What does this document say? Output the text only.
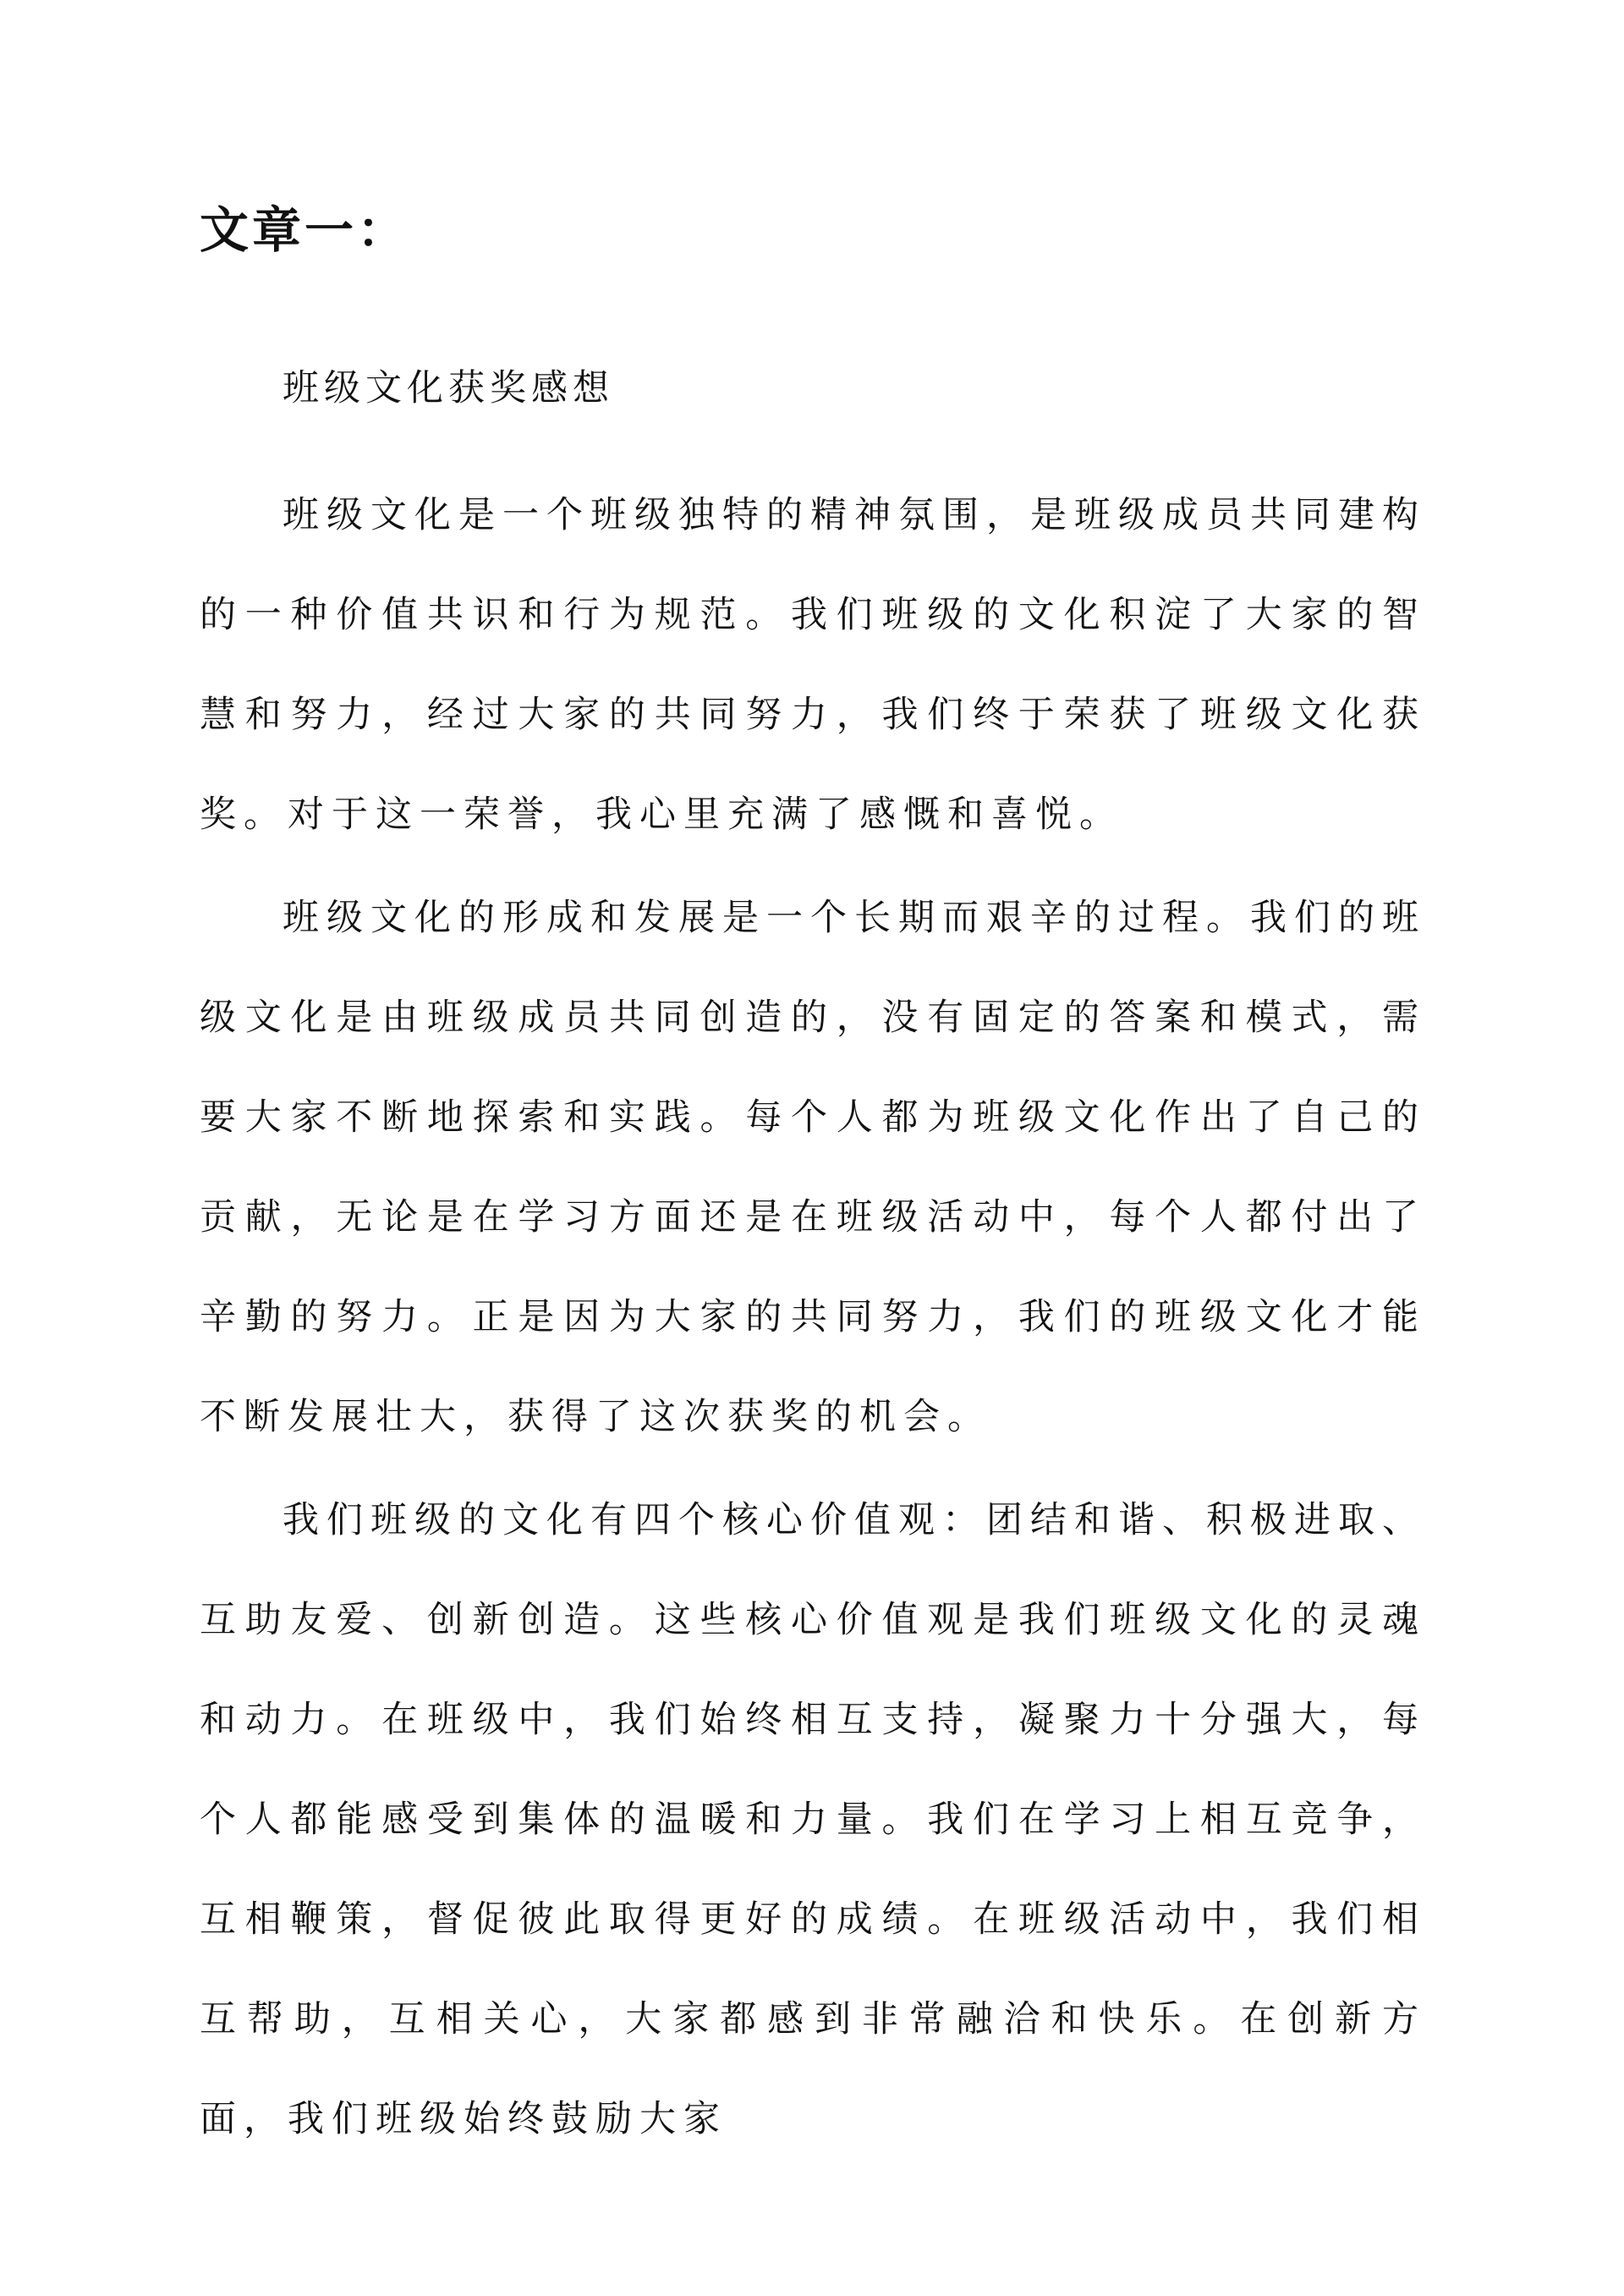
文章一：

班级文化获奖感想

班级文化是一个班级独特的精神氛围，是班级成员共同建构的一种价值共识和行为规范。我们班级的文化积淀了大家的智慧和努力，经过大家的共同努力，我们终于荣获了班级文化获奖。对于这一荣誉，我心里充满了感慨和喜悦。

班级文化的形成和发展是一个长期而艰辛的过程。我们的班级文化是由班级成员共同创造的，没有固定的答案和模式，需要大家不断地探索和实践。每个人都为班级文化作出了自己的贡献，无论是在学习方面还是在班级活动中，每个人都付出了辛勤的努力。正是因为大家的共同努力，我们的班级文化才能不断发展壮大，获得了这次获奖的机会。

我们班级的文化有四个核心价值观：团结和谐、积极进取、互助友爱、创新创造。这些核心价值观是我们班级文化的灵魂和动力。在班级中，我们始终相互支持，凝聚力十分强大，每个人都能感受到集体的温暖和力量。我们在学习上相互竞争，互相鞭策，督促彼此取得更好的成绩。在班级活动中，我们相互帮助，互相关心，大家都感到非常融洽和快乐。在创新方面，我们班级始终鼓励大家
